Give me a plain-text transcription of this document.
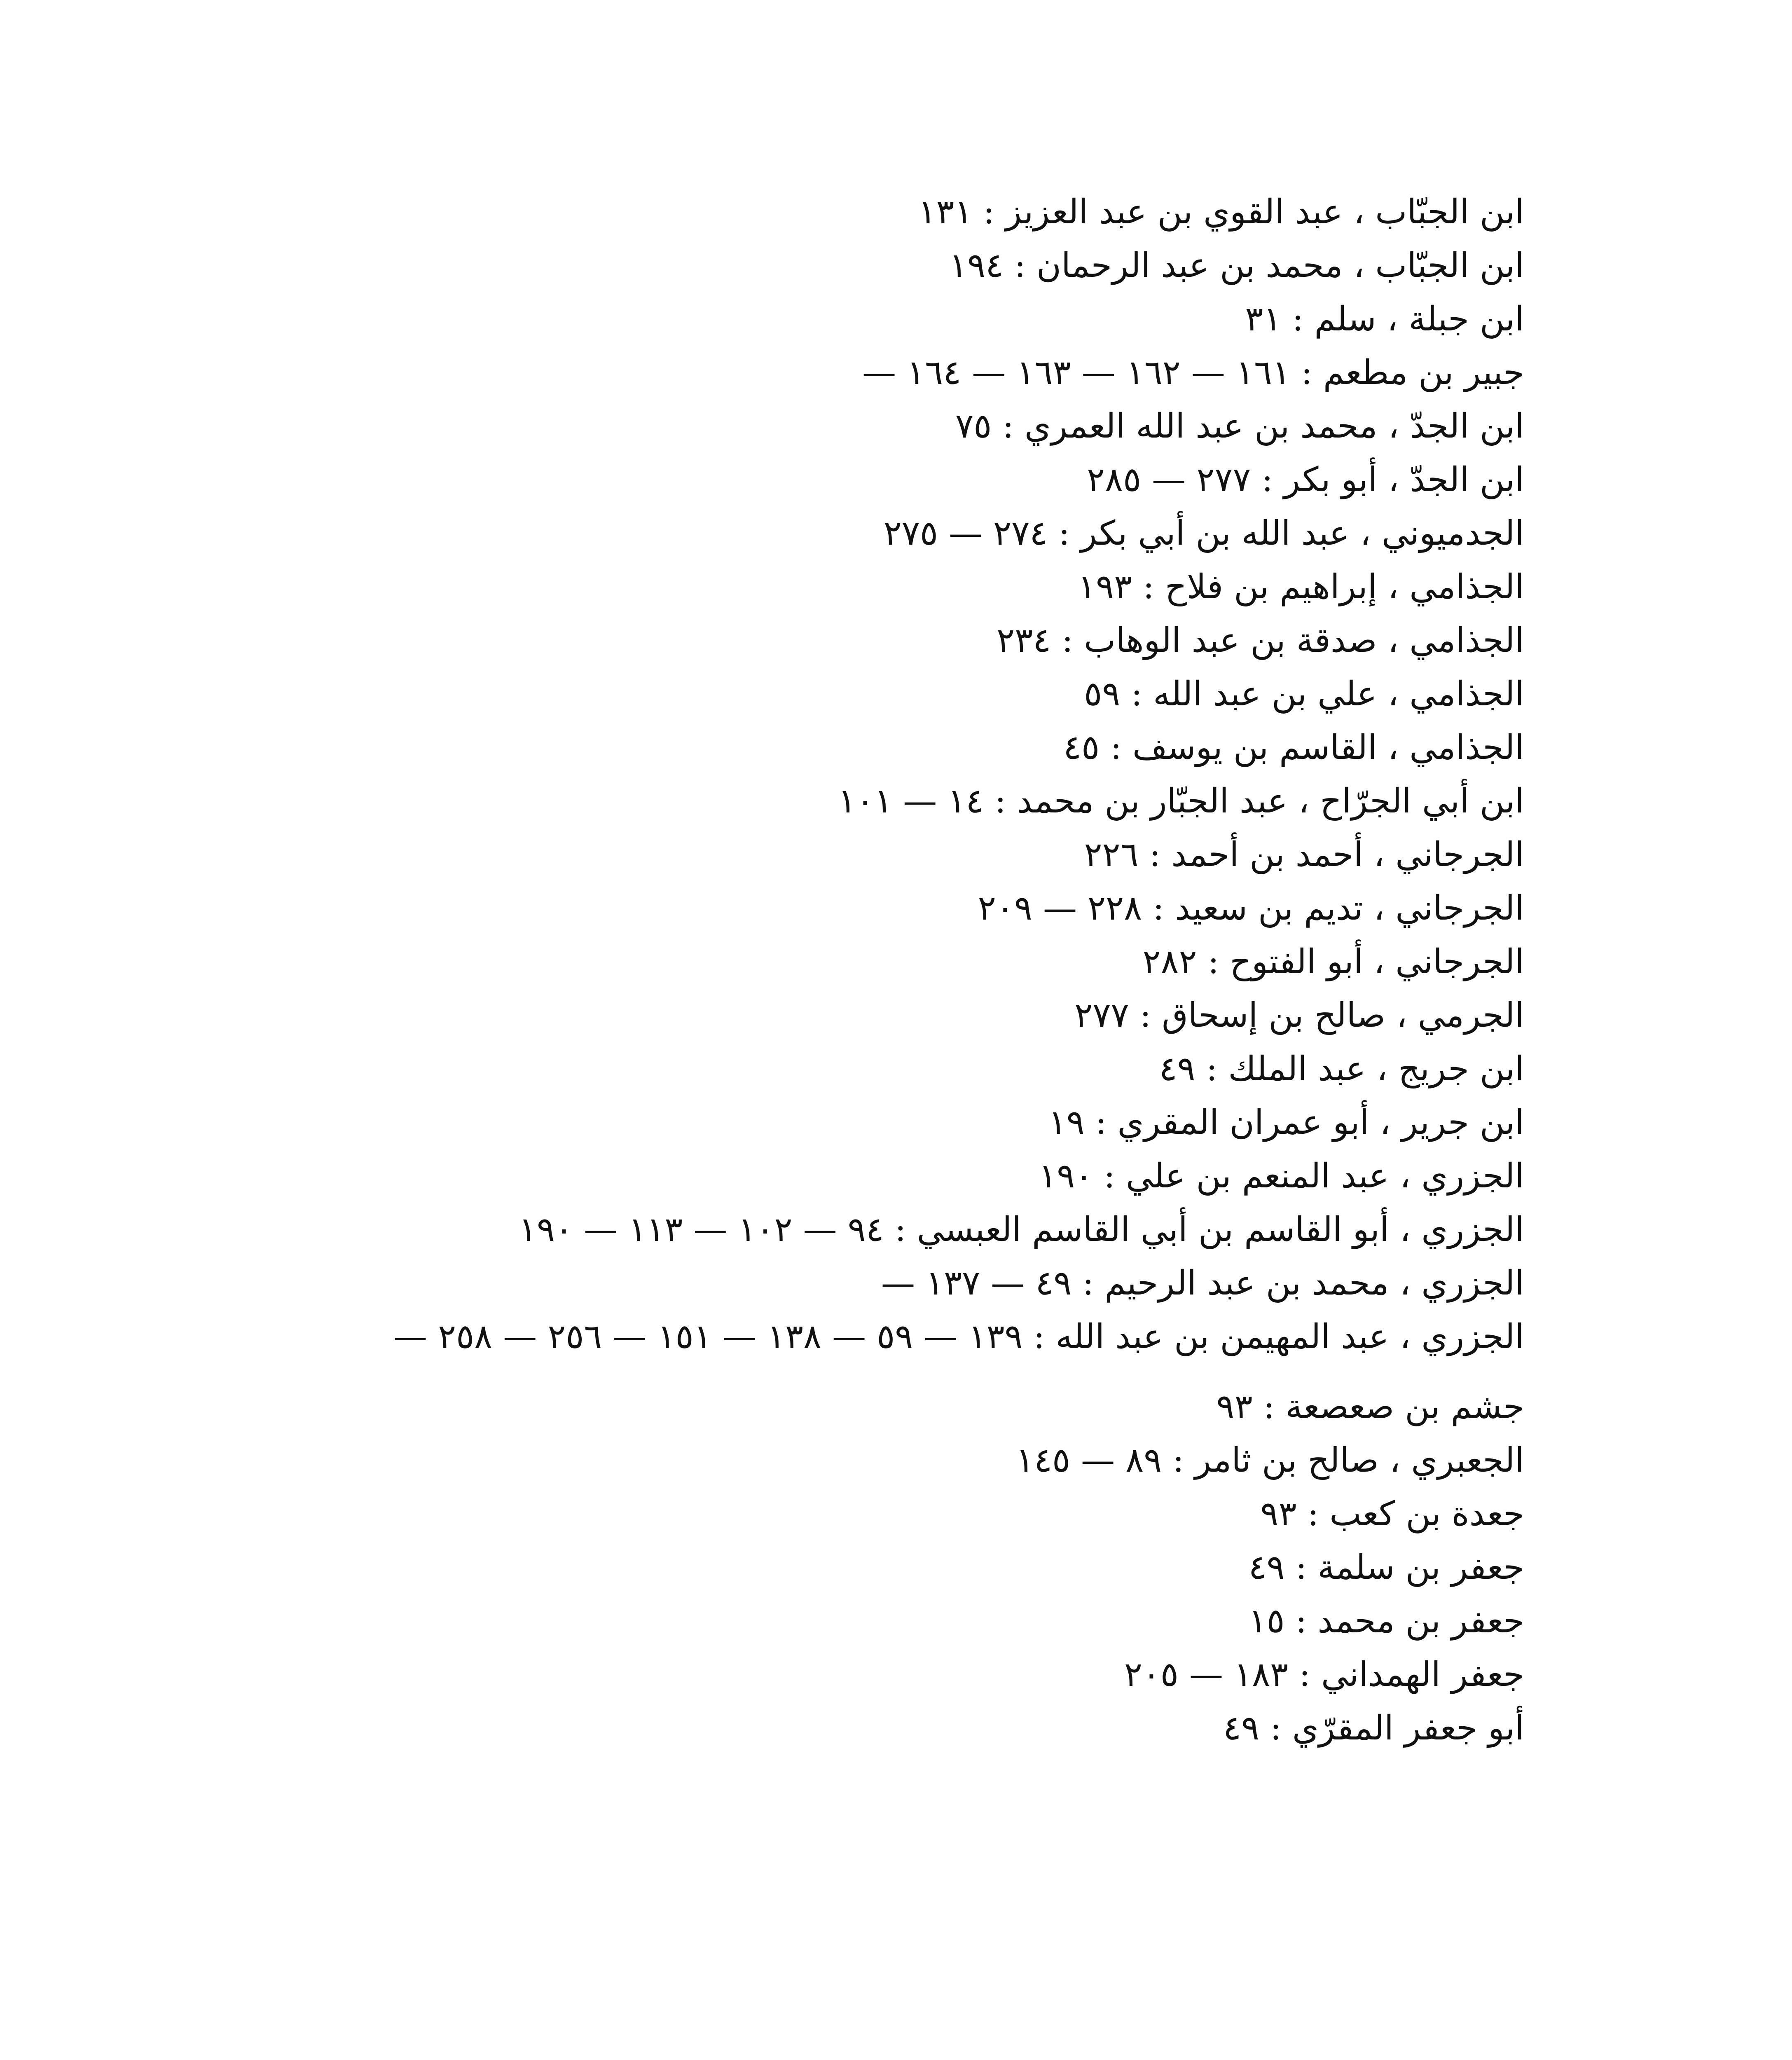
ابن الجبّاب ، عبد القوي بن عبد العزيز : ١٣١
ابن الجبّاب ، محمد بن عبد الرحمان : ١٩٤
ابن جبلة ، سلم : ٣١
جبير بن مطعم : ١٦١ — ١٦٢ — ١٦٣ — ١٦٤ —
ابن الجدّ ، محمد بن عبد الله العمري : ٧٥
ابن الجدّ ، أبو بكر : ٢٧٧ — ٢٨٥
الجدميوني ، عبد الله بن أبي بكر : ٢٧٤ — ٢٧٥
الجذامي ، إبراهيم بن فلاح : ١٩٣
الجذامي ، صدقة بن عبد الوهاب : ٢٣٤
الجذامي ، علي بن عبد الله : ٥٩
الجذامي ، القاسم بن يوسف : ٤٥
ابن أبي الجرّاح ، عبد الجبّار بن محمد : ١٤ — ١٠١
الجرجاني ، أحمد بن أحمد : ٢٢٦
الجرجاني ، تديم بن سعيد : ٢٢٨ — ٢٠٩
الجرجاني ، أبو الفتوح : ٢٨٢
الجرمي ، صالح بن إسحاق : ٢٧٧
ابن جريج ، عبد الملك : ٤٩
ابن جرير ، أبو عمران المقري : ١٩
الجزري ، عبد المنعم بن علي : ١٩٠
الجزري ، أبو القاسم بن أبي القاسم العبسي : ٩٤ — ١٠٢ — ١١٣ — ١٩٠
الجزري ، محمد بن عبد الرحيم : ٤٩ — ١٣٧ —
الجزري ، عبد المهيمن بن عبد الله : ١٣٩ — ٥٩ — ١٣٨ — ١٥١ — ٢٥٦ — ٢٥٨ —
جشم بن صعصعة : ٩٣
الجعبري ، صالح بن ثامر : ٨٩ — ١٤٥
جعدة بن كعب : ٩٣
جعفر بن سلمة : ٤٩
جعفر بن محمد : ١٥
جعفر الهمداني : ١٨٣ — ٢٠٥
أبو جعفر المقرّي : ٤٩
